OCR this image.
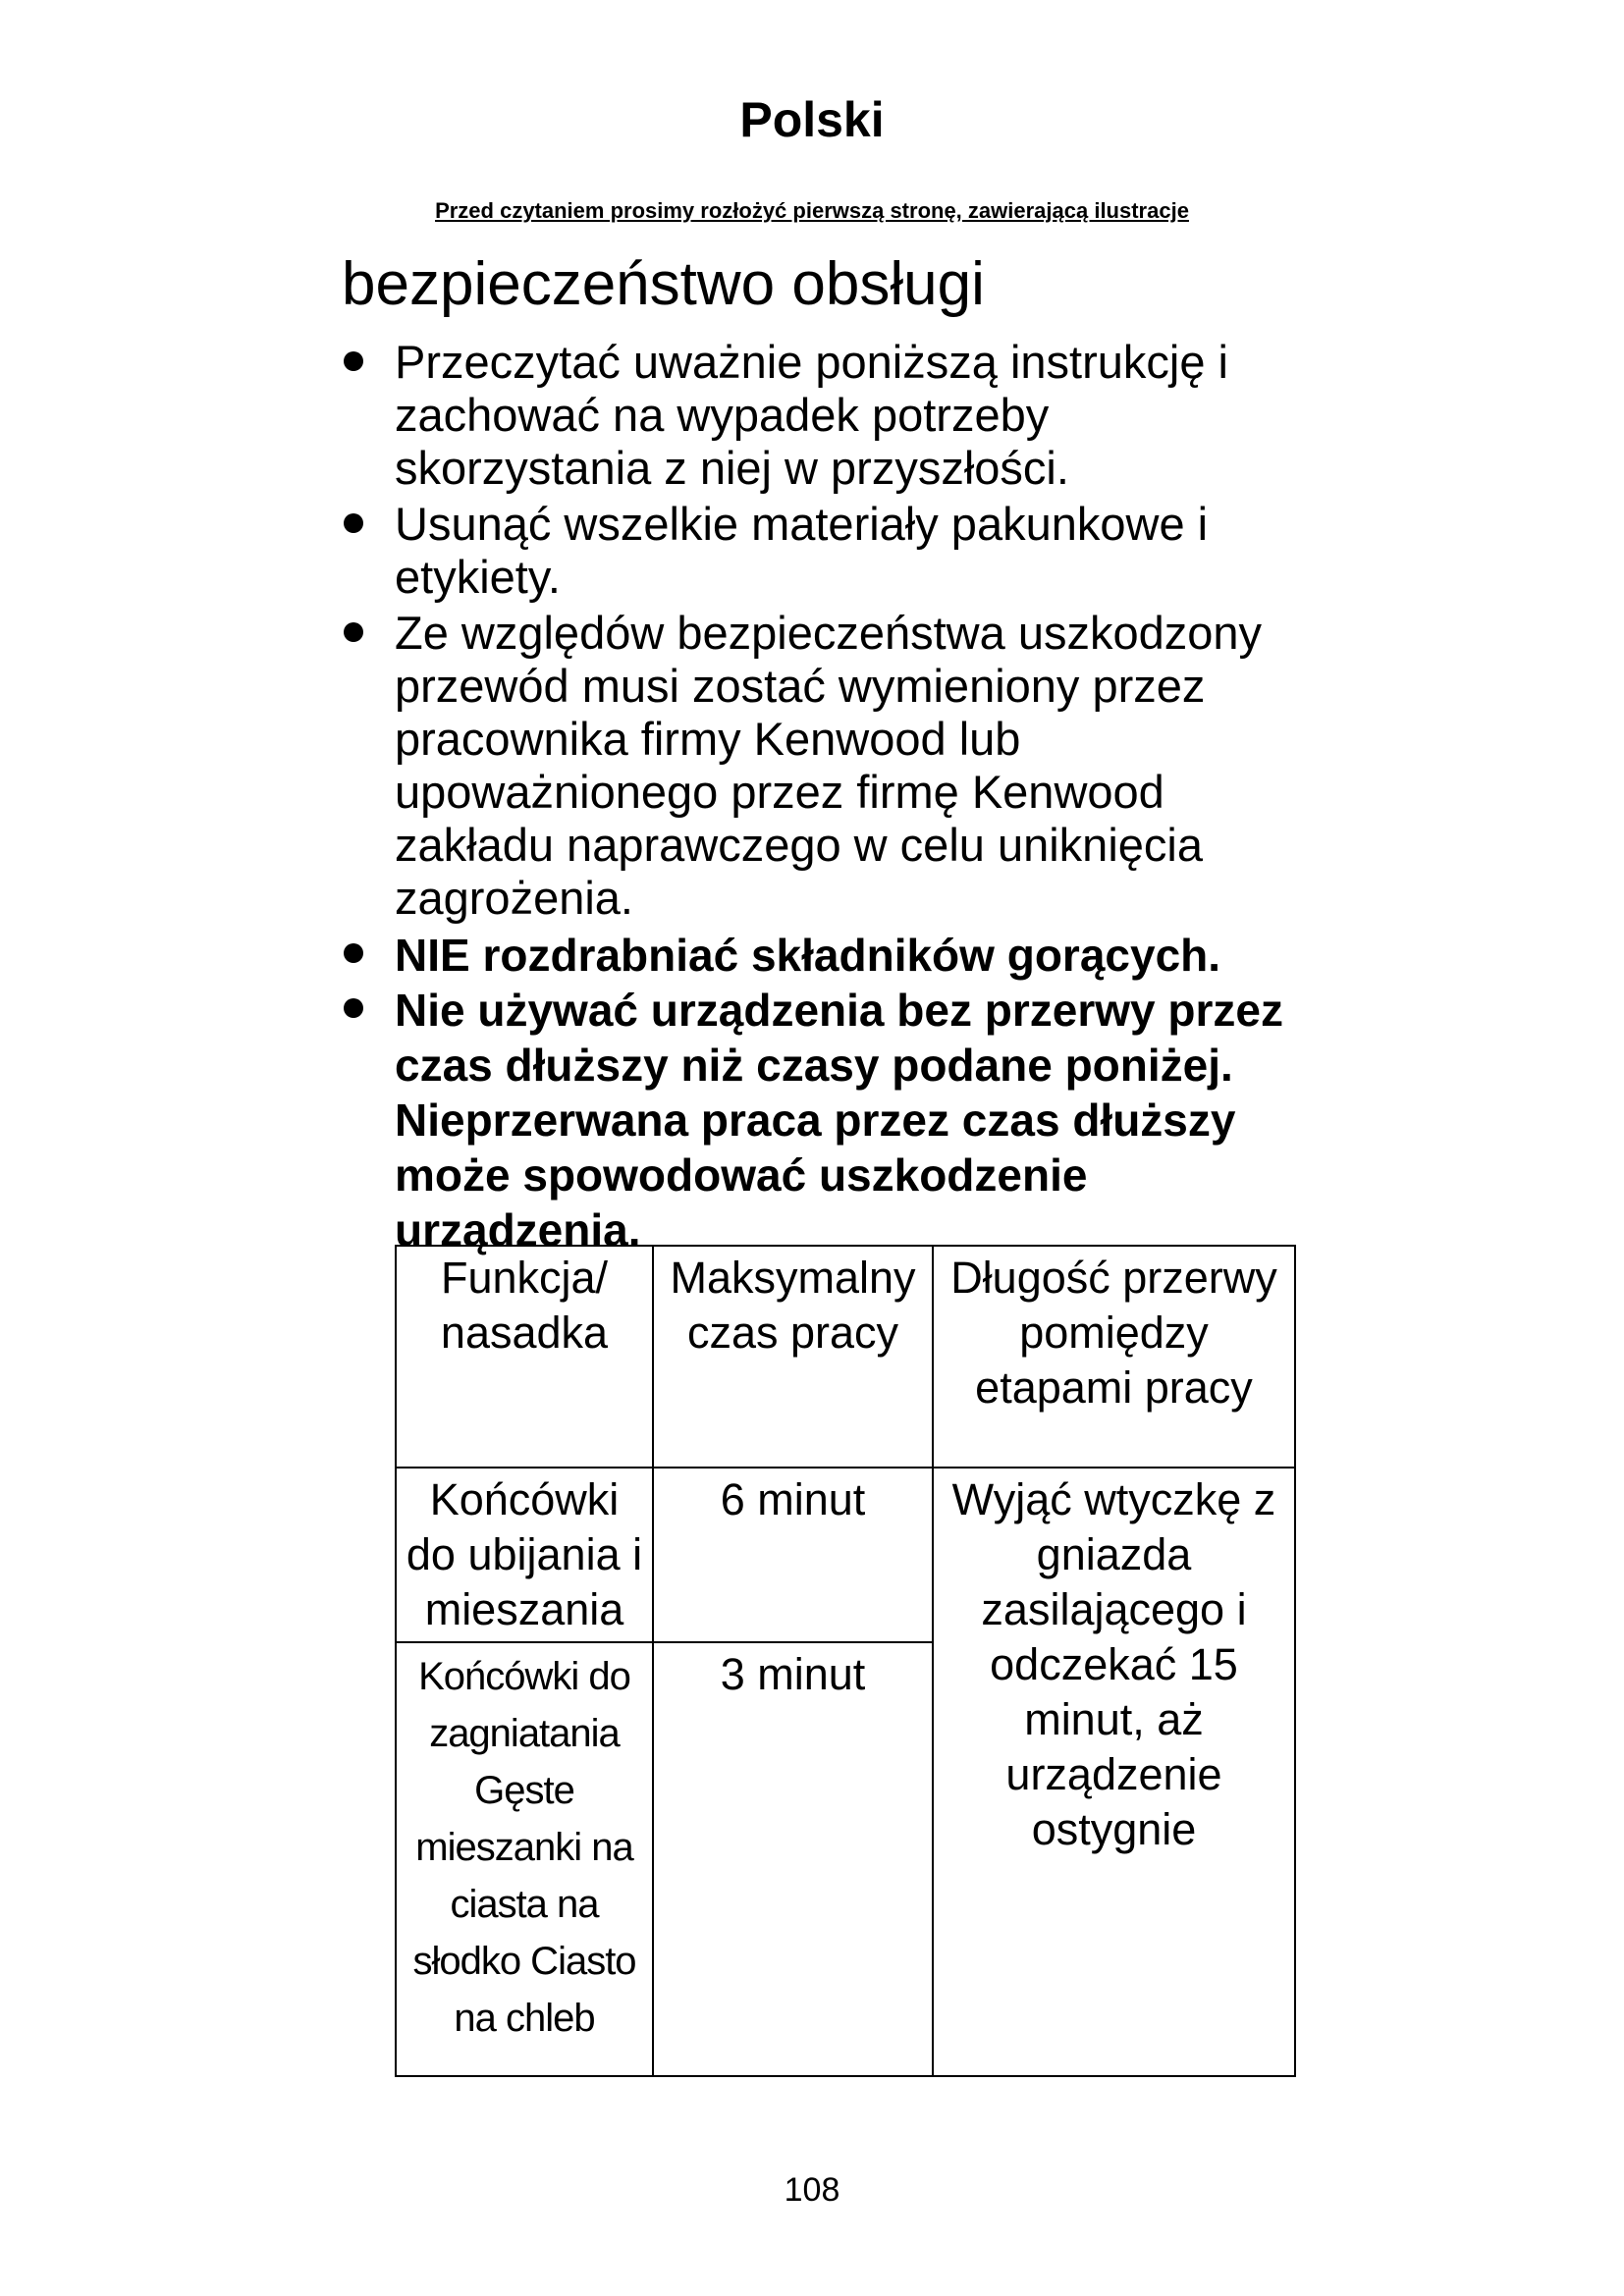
Polski
Przed czytaniem prosimy rozłożyć pierwszą stronę, zawierającą ilustracje
bezpieczeństwo obsługi
Przeczytać uważnie poniższą instrukcję i zachować na wypadek potrzeby skorzystania z niej w przyszłości.
Usunąć wszelkie materiały pakunkowe i etykiety.
Ze względów bezpieczeństwa uszkodzony przewód musi zostać wymieniony przez pracownika firmy Kenwood lub upoważnionego przez firmę Kenwood zakładu naprawczego w celu uniknięcia zagrożenia.
NIE rozdrabniać składników gorących.
Nie używać urządzenia bez przerwy przez czas dłuższy niż czasy podane poniżej. Nieprzerwana praca przez czas dłuższy może spowodować uszkodzenie urządzenia.
Funkcja/ nasadka	Maksymalny czas pracy	Długość przerwy pomiędzy etapami pracy
Końcówki do ubijania i mieszania	6 minut	Wyjąć wtyczkę z gniazda zasilającego i odczekać 15 minut, aż urządzenie ostygnie
Końcówki do zagniatania Gęste mieszanki na ciasta na słodko Ciasto na chleb	3 minut	
108
